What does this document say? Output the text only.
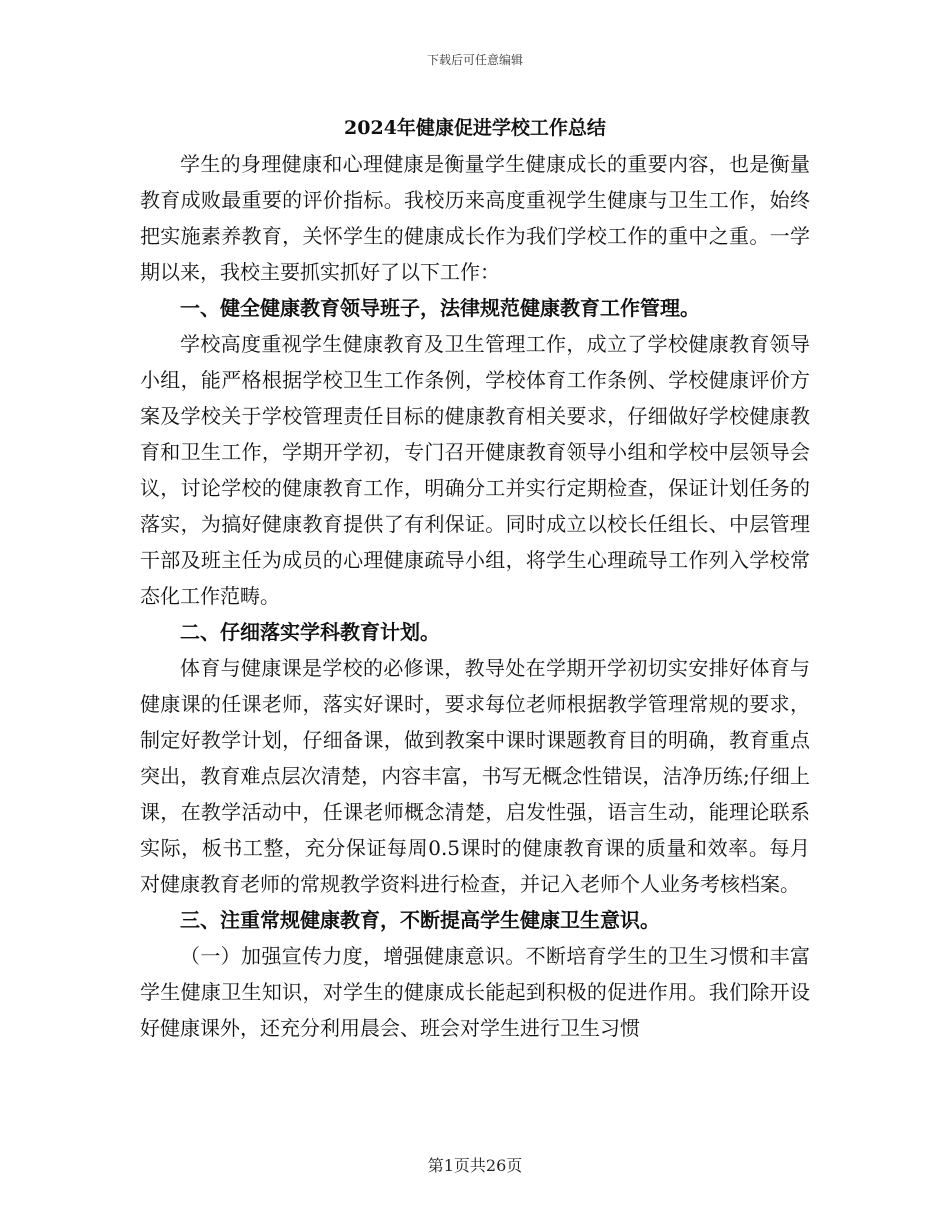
下载后可任意编辑
2024年健康促进学校工作总结

学生的身理健康和心理健康是衡量学生健康成长的重要内容，也是衡量教育成败最重要的评价指标。我校历来高度重视学生健康与卫生工作，始终把实施素养教育，关怀学生的健康成长作为我们学校工作的重中之重。一学期以来，我校主要抓实抓好了以下工作：

一、健全健康教育领导班子，法律规范健康教育工作管理。

学校高度重视学生健康教育及卫生管理工作，成立了学校健康教育领导小组，能严格根据学校卫生工作条例，学校体育工作条例、学校健康评价方案及学校关于学校管理责任目标的健康教育相关要求，仔细做好学校健康教育和卫生工作，学期开学初，专门召开健康教育领导小组和学校中层领导会议，讨论学校的健康教育工作，明确分工并实行定期检查，保证计划任务的落实，为搞好健康教育提供了有利保证。同时成立以校长任组长、中层管理干部及班主任为成员的心理健康疏导小组，将学生心理疏导工作列入学校常态化工作范畴。

二、仔细落实学科教育计划。

体育与健康课是学校的必修课，教导处在学期开学初切实安排好体育与健康课的任课老师，落实好课时，要求每位老师根据教学管理常规的要求，制定好教学计划，仔细备课，做到教案中课时课题教育目的明确，教育重点突出，教育难点层次清楚，内容丰富，书写无概念性错误，洁净历练;仔细上课，在教学活动中，任课老师概念清楚，启发性强，语言生动，能理论联系实际，板书工整，充分保证每周0.5课时的健康教育课的质量和效率。每月对健康教育老师的常规教学资料进行检查，并记入老师个人业务考核档案。

三、注重常规健康教育，不断提高学生健康卫生意识。

（一）加强宣传力度，增强健康意识。不断培育学生的卫生习惯和丰富学生健康卫生知识，对学生的健康成长能起到积极的促进作用。我们除开设好健康课外，还充分利用晨会、班会对学生进行卫生习惯

第1页共26页
